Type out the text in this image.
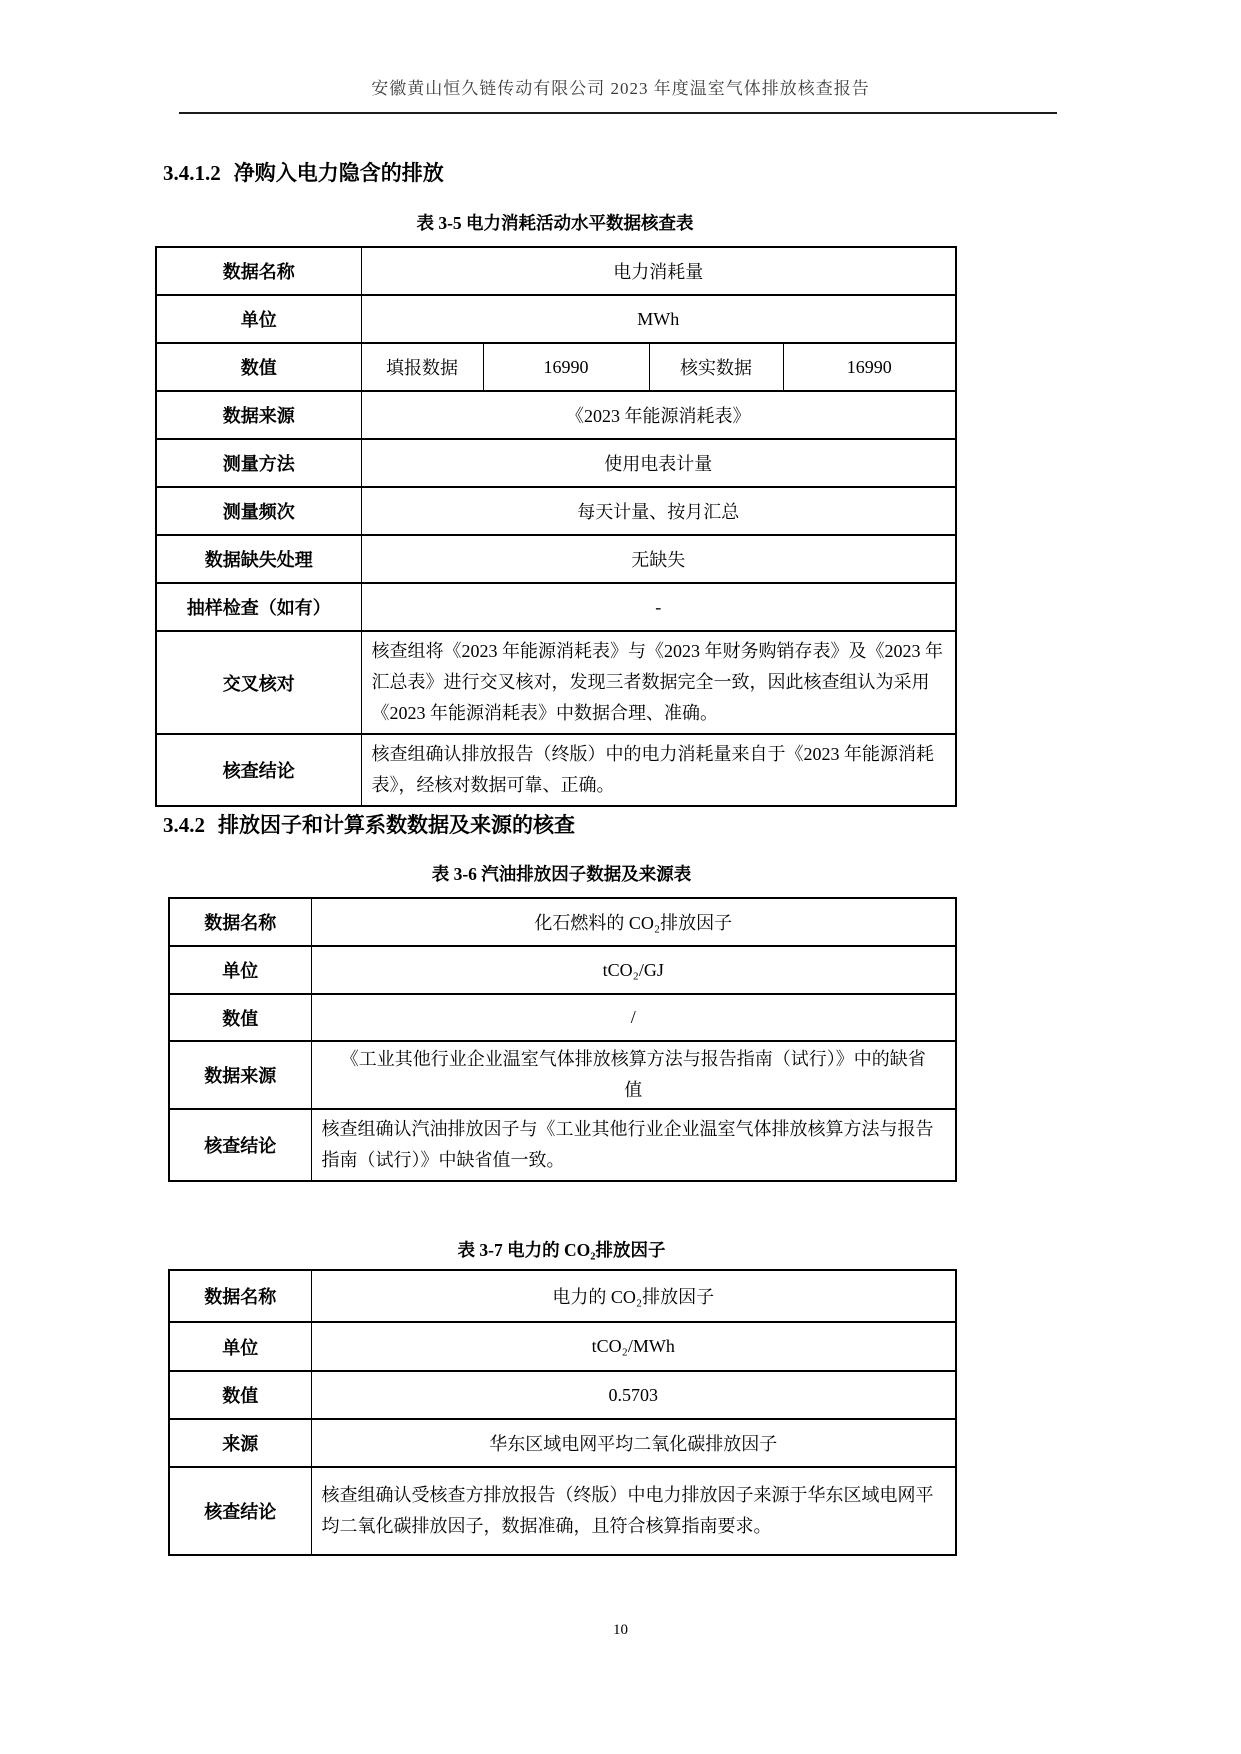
安徽黄山恒久链传动有限公司 2023 年度温室气体排放核查报告
3.4.1.2 净购入电力隐含的排放
表 3-5 电力消耗活动水平数据核查表
数据名称	电力消耗量			
单位	MWh			
数值	填报数据	16990	核实数据	16990
数据来源	《2023 年能源消耗表》			
测量方法	使用电表计量			
测量频次	每天计量、按月汇总			
数据缺失处理	无缺失			
抽样检查（如有）	-			
交叉核对	核查组将《2023 年能源消耗表》与《2023 年财务购销存表》及《2023 年汇总表》进行交叉核对，发现三者数据完全一致，因此核查组认为采用《2023 年能源消耗表》中数据合理、准确。			
核查结论	核查组确认排放报告（终版）中的电力消耗量来自于《2023 年能源消耗表》，经核对数据可靠、正确。			
3.4.2 排放因子和计算系数数据及来源的核查
表 3-6 汽油排放因子数据及来源表
数据名称	化石燃料的 CO₂排放因子
单位	tCO₂/GJ
数值	/
数据来源	《工业其他行业企业温室气体排放核算方法与报告指南（试行）》中的缺省值
核查结论	核查组确认汽油排放因子与《工业其他行业企业温室气体排放核算方法与报告指南（试行）》中缺省值一致。
表 3-7 电力的 CO₂排放因子
数据名称	电力的 CO₂排放因子
单位	tCO₂/MWh
数值	0.5703
来源	华东区域电网平均二氧化碳排放因子
核查结论	核查组确认受核查方排放报告（终版）中电力排放因子来源于华东区域电网平均二氧化碳排放因子，数据准确，且符合核算指南要求。
10
